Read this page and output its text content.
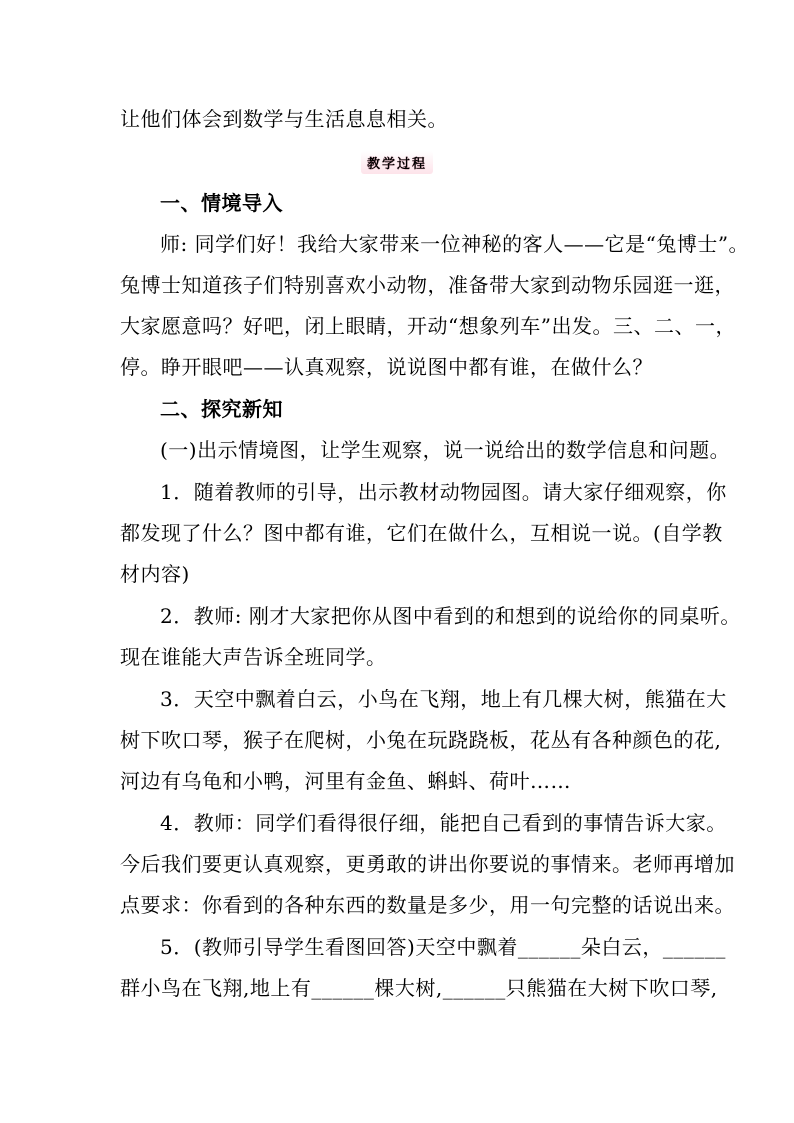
让他们体会到数学与生活息息相关。
教学过程
一、情境导入
师: 同学们好！我给大家带来一位神秘的客人——它是“兔博士”。
兔博士知道孩子们特别喜欢小动物，准备带大家到动物乐园逛一逛，
大家愿意吗？好吧，闭上眼睛，开动“想象列车”出发。三、二、一，
停。睁开眼吧——认真观察，说说图中都有谁，在做什么？
二、探究新知
(一)出示情境图，让学生观察，说一说给出的数学信息和问题。
1．随着教师的引导，出示教材动物园图。请大家仔细观察，你
都发现了什么？图中都有谁，它们在做什么，互相说一说。(自学教
材内容)
2．教师: 刚才大家把你从图中看到的和想到的说给你的同桌听。
现在谁能大声告诉全班同学。
3．天空中飘着白云，小鸟在飞翔，地上有几棵大树，熊猫在大
树下吹口琴，猴子在爬树，小兔在玩跷跷板，花丛有各种颜色的花,
河边有乌龟和小鸭，河里有金鱼、蝌蚪、荷叶……
4．教师：同学们看得很仔细，能把自己看到的事情告诉大家。
今后我们要更认真观察，更勇敢的讲出你要说的事情来。老师再增加
点要求：你看到的各种东西的数量是多少，用一句完整的话说出来。
5．(教师引导学生看图回答)天空中飘着______朵白云，______
群小鸟在飞翔,地上有______棵大树,______只熊猫在大树下吹口琴,
